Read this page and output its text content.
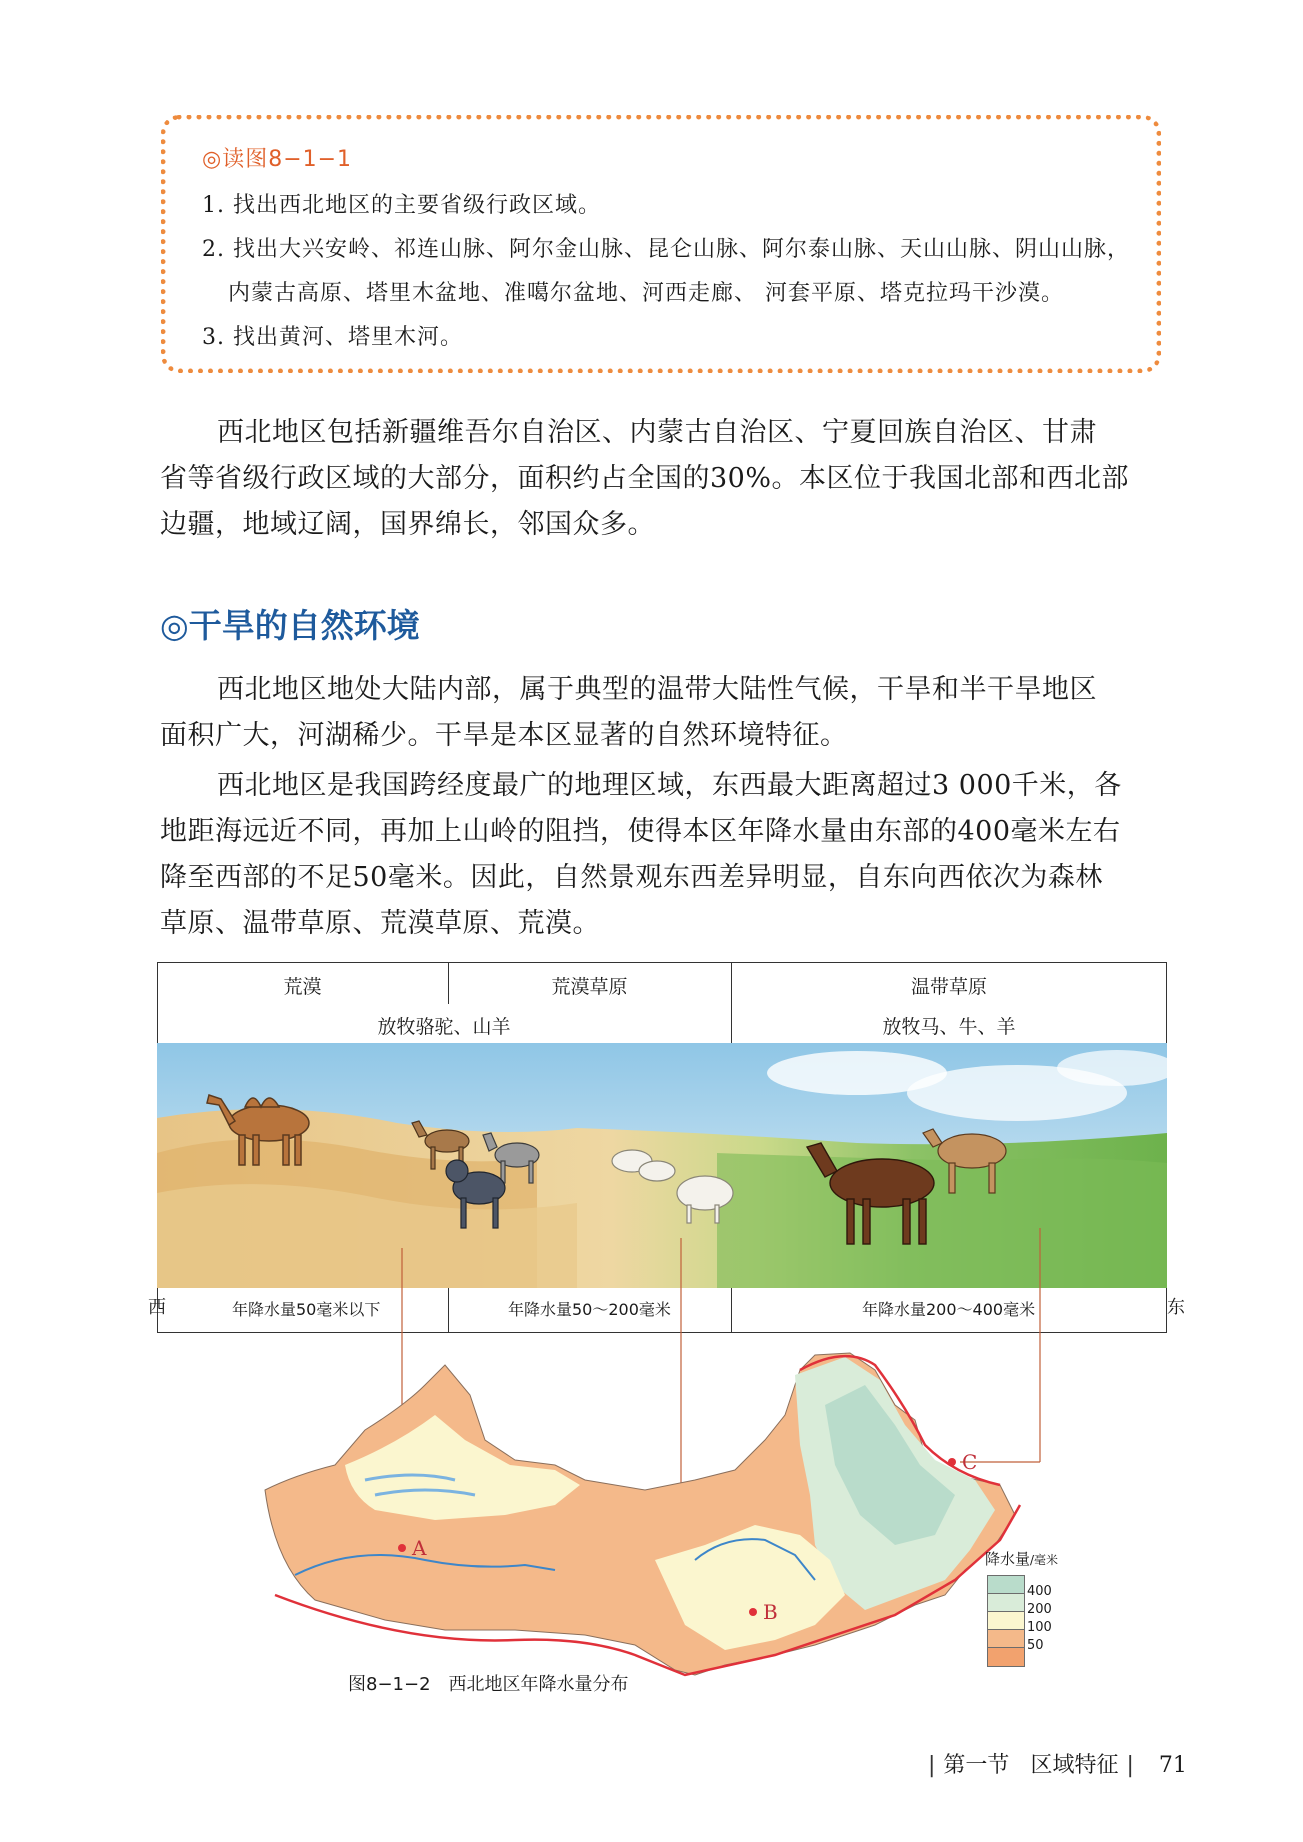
◎读图8−1−1
1. 找出西北地区的主要省级行政区域。
2. 找出大兴安岭、祁连山脉、阿尔金山脉、昆仑山脉、阿尔泰山脉、天山山脉、阴山山脉，
内蒙古高原、塔里木盆地、准噶尔盆地、河西走廊、 河套平原、塔克拉玛干沙漠。
3. 找出黄河、塔里木河。
西北地区包括新疆维吾尔自治区、内蒙古自治区、宁夏回族自治区、甘肃
省等省级行政区域的大部分，面积约占全国的30%。本区位于我国北部和西北部
边疆，地域辽阔，国界绵长，邻国众多。
◎干旱的自然环境
西北地区地处大陆内部，属于典型的温带大陆性气候，干旱和半干旱地区
面积广大，河湖稀少。干旱是本区显著的自然环境特征。
西北地区是我国跨经度最广的地理区域，东西最大距离超过3 000千米，各
地距海远近不同，再加上山岭的阻挡，使得本区年降水量由东部的400毫米左右
降至西部的不足50毫米。因此，自然景观东西差异明显，自东向西依次为森林
草原、温带草原、荒漠草原、荒漠。
荒漠	荒漠草原	温带草原
放牧骆驼、山羊	放牧马、牛、羊
年降水量50毫米以下	年降水量50～200毫米	年降水量200～400毫米
西	东
A
B
C
降水量/毫米
400
200
100
50
图8−1−2　西北地区年降水量分布
| 第一节 区域特征 | 71
